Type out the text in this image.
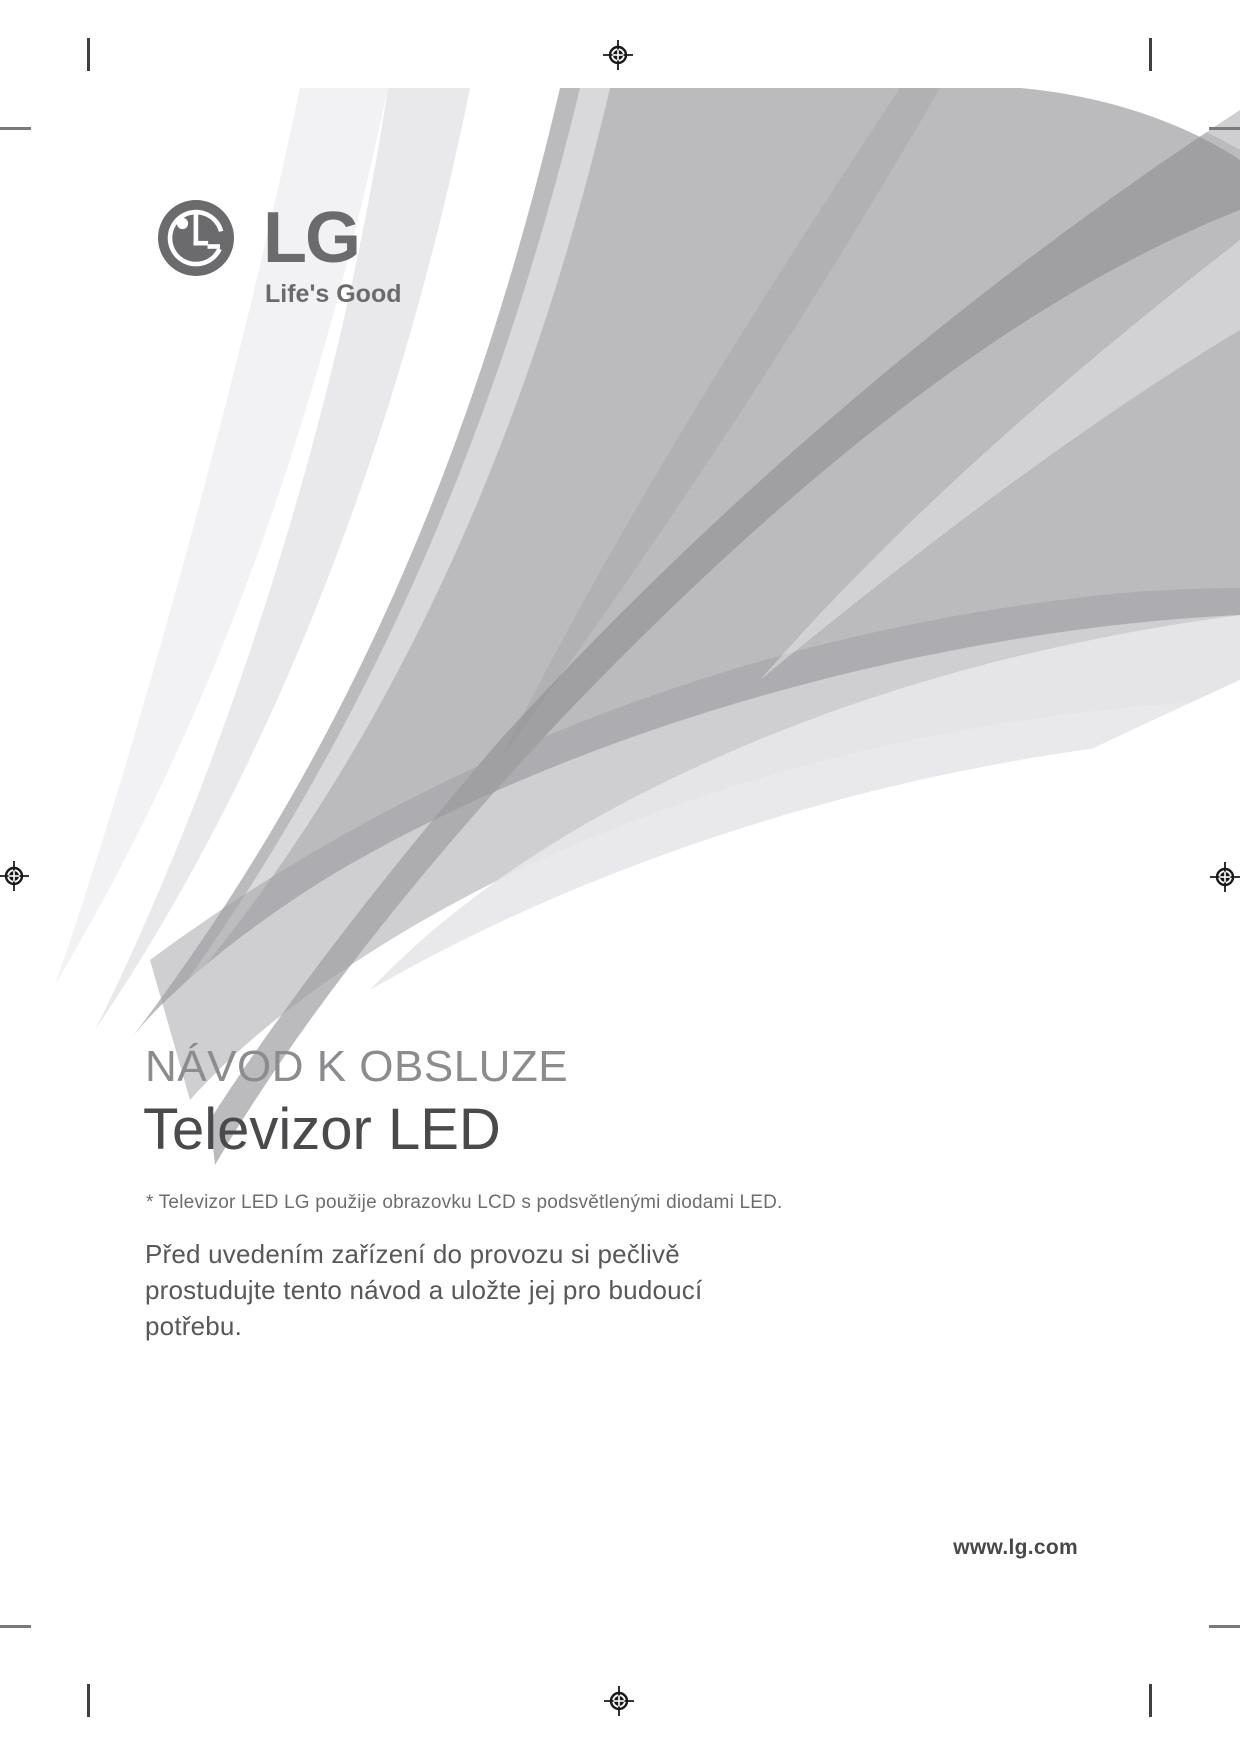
LG
Life's Good
NÁVOD K OBSLUZE
Televizor LED

* Televizor LED LG použije obrazovku LCD s podsvětlenými diodami LED.

Před uvedením zařízení do provozu si pečlivě
prostudujte tento návod a uložte jej pro budoucí
potřebu.

www.lg.com
